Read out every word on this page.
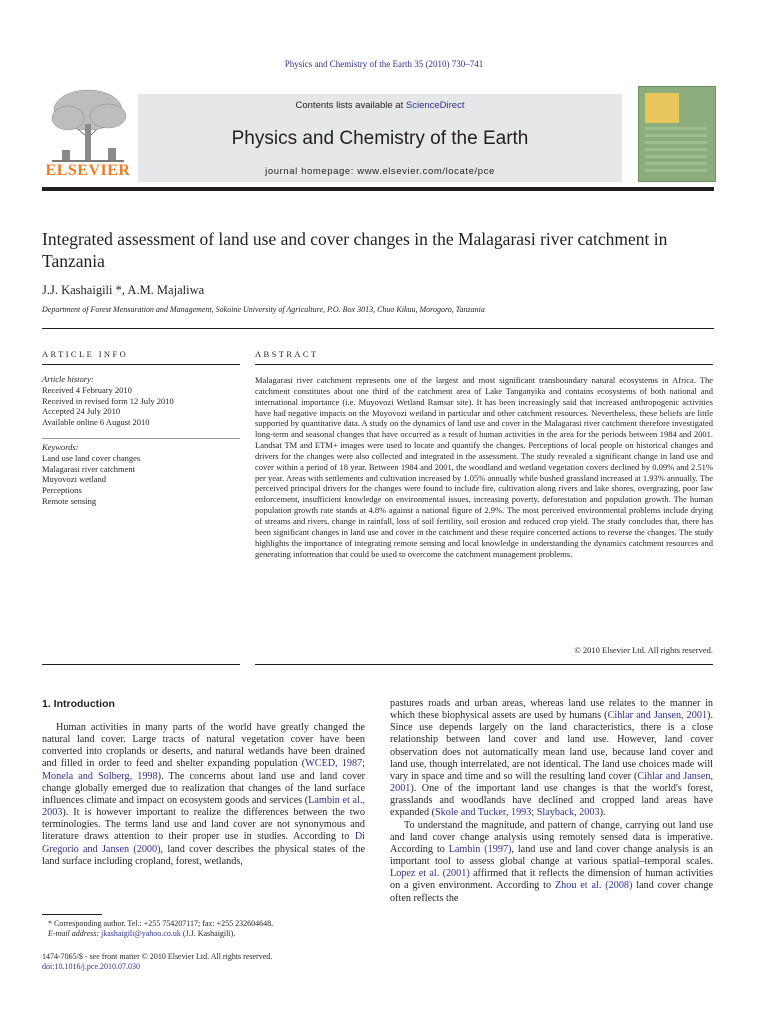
Physics and Chemistry of the Earth 35 (2010) 730–741
ELSEVIER
Contents lists available at ScienceDirect
Physics and Chemistry of the Earth
journal homepage: www.elsevier.com/locate/pce
Integrated assessment of land use and cover changes in the Malagarasi river catchment in Tanzania
J.J. Kashaigili *, A.M. Majaliwa
Department of Forest Mensuration and Management, Sokoine University of Agriculture, P.O. Box 3013, Chuo Kikuu, Morogoro, Tanzania
ARTICLE INFO
Article history:
Received 4 February 2010
Received in revised form 12 July 2010
Accepted 24 July 2010
Available online 6 August 2010
Keywords:
Land use land cover changes
Malagarasi river catchment
Muyovozi wetland
Perceptions
Remote sensing
ABSTRACT
Malagarasi river catchment represents one of the largest and most significant transboundary natural ecosystems in Africa. The catchment constitutes about one third of the catchment area of Lake Tanganyika and contains ecosystems of both national and international importance (i.e. Muyovozi Wetland Ramsar site). It has been increasingly said that increased anthropogenic activities have had negative impacts on the Muyovozi wetland in particular and other catchment resources. Nevertheless, these beliefs are little supported by quantitative data. A study on the dynamics of land use and cover in the Malagarasi river catchment therefore investigated long-term and seasonal changes that have occurred as a result of human activities in the area for the periods between 1984 and 2001. Landsat TM and ETM+ images were used to locate and quantify the changes. Perceptions of local people on historical changes and drivers for the changes were also collected and integrated in the assessment. The study revealed a significant change in land use and cover within a period of 18 year. Between 1984 and 2001, the woodland and wetland vegetation covers declined by 0.09% and 2.51% per year. Areas with settlements and cultivation increased by 1.05% annually while bushed grassland increased at 1.93% annually. The perceived principal drivers for the changes were found to include fire, cultivation along rivers and lake shores, overgrazing, poor law enforcement, insufficient knowledge on environmental issues, increasing poverty, deforestation and population growth. The human population growth rate stands at 4.8% against a national figure of 2.9%. The most perceived environmental problems include drying of streams and rivers, change in rainfall, loss of soil fertility, soil erosion and reduced crop yield. The study concludes that, there has been significant changes in land use and cover in the catchment and these require concerted actions to reverse the changes. The study highlights the importance of integrating remote sensing and local knowledge in understanding the dynamics catchment resources and generating information that could be used to overcome the catchment management problems.
© 2010 Elsevier Ltd. All rights reserved.
1. Introduction

Human activities in many parts of the world have greatly changed the natural land cover. Large tracts of natural vegetation cover have been converted into croplands or deserts, and natural wetlands have been drained and filled in order to feed and shelter expanding population (WCED, 1987; Monela and Solberg, 1998). The concerns about land use and land cover change globally emerged due to realization that changes of the land surface influences climate and impact on ecosystem goods and services (Lambin et al., 2003). It is however important to realize the differences between the two terminologies. The terms land use and land cover are not synonymous and literature draws attention to their proper use in studies. According to Di Gregorio and Jansen (2000), land cover describes the physical states of the land surface including cropland, forest, wetlands,

pastures roads and urban areas, whereas land use relates to the manner in which these biophysical assets are used by humans (Cihlar and Jansen, 2001). Since use depends largely on the land characteristics, there is a close relationship between land cover and land use. However, land cover observation does not automatically mean land use, because land cover and land use, though interrelated, are not identical. The land use choices made will vary in space and time and so will the resulting land cover (Cihlar and Jansen, 2001). One of the important land use changes is that the world's forest, grasslands and woodlands have declined and cropped land areas have expanded (Skole and Tucker, 1993; Slayback, 2003).

To understand the magnitude, and pattern of change, carrying out land use and land cover change analysis using remotely sensed data is imperative. According to Lambin (1997), land use and land cover change analysis is an important tool to assess global change at various spatial–temporal scales. Lopez et al. (2001) affirmed that it reflects the dimension of human activities on a given environment. According to Zhou et al. (2008) land cover change often reflects the

* Corresponding author. Tel.: +255 754207117; fax: +255 232604648.
E-mail address: jkashaigili@yahoo.co.uk (J.J. Kashaigili).
1474-7065/$ - see front matter © 2010 Elsevier Ltd. All rights reserved.
doi:10.1016/j.pce.2010.07.030
